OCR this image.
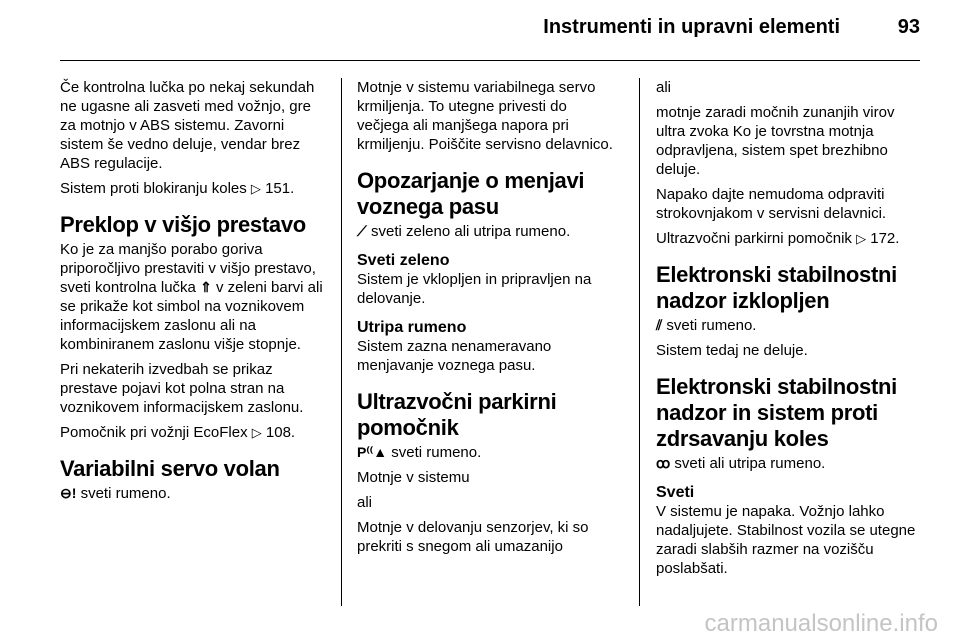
Instrumenti in upravni elementi	93

Če kontrolna lučka po nekaj sekundah ne ugasne ali zasveti med vožnjo, gre za motnjo v ABS sistemu. Zavorni sistem še vedno deluje, vendar brez ABS regulacije.

Sistem proti blokiranju koles ▷ 151.

Preklop v višjo prestavo

Ko je za manjšo porabo goriva priporočljivo prestaviti v višjo prestavo, sveti kontrolna lučka ⇑ v zeleni barvi ali se prikaže kot simbol na voznikovem informacijskem zaslonu ali na kombiniranem zaslonu višje stopnje.

Pri nekaterih izvedbah se prikaz prestave pojavi kot polna stran na voznikovem informacijskem zaslonu.

Pomočnik pri vožnji EcoFlex ▷ 108.

Variabilni servo volan

⊖! sveti rumeno.

Motnje v sistemu variabilnega servo krmiljenja. To utegne privesti do večjega ali manjšega napora pri krmiljenju. Poiščite servisno delavnico.

Opozarjanje o menjavi voznega pasu

⟋ sveti zeleno ali utripa rumeno.

Sveti zeleno

Sistem je vklopljen in pripravljen na delovanje.

Utripa rumeno

Sistem zazna nenameravano menjavanje voznega pasu.

Ultrazvočni parkirni pomočnik

P⁽⁽▲ sveti rumeno.

Motnje v sistemu

ali

Motnje v delovanju senzorjev, ki so prekriti s snegom ali umazanijo

ali

motnje zaradi močnih zunanjih virov ultra zvoka Ko je tovrstna motnja odpravljena, sistem spet brezhibno deluje.

Napako dajte nemudoma odpraviti strokovnjakom v servisni delavnici.

Ultrazvočni parkirni pomočnik ▷ 172.

Elektronski stabilnostni nadzor izklopljen

⫽ sveti rumeno.

Sistem tedaj ne deluje.

Elektronski stabilnostni nadzor in sistem proti zdrsavanju koles

ꝏ sveti ali utripa rumeno.

Sveti

V sistemu je napaka. Vožnjo lahko nadaljujete. Stabilnost vozila se utegne zaradi slabših razmer na vozišču poslabšati.

carmanualsonline.info
